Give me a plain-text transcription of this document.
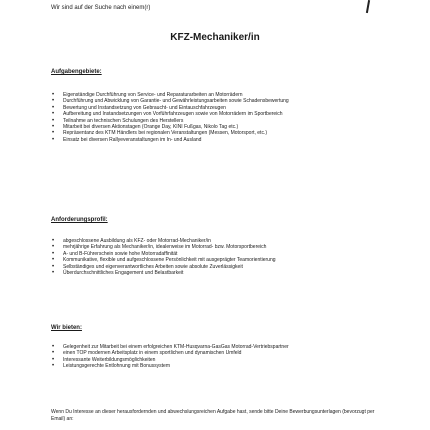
Wir sind auf der Suche nach einem(r)
KFZ-Mechaniker/in
Aufgabengebiete:
• Eigenständige Durchführung von Service- und Reparaturarbeiten an Motorrädern
• Durchführung und Abwicklung von Garantie- und Gewährleistungsarbeiten sowie Schadensbewertung
• Bewertung und Instandsetzung von Gebraucht- und Eintauschfahrzeugen
• Aufbereitung und Instandsetzungen von Vorführfahrzeugen sowie von Motorrädern im Sportbereich
• Teilnahme an technischen Schulungen des Herstellers
• Mitarbeit bei diversen Aktionstagen (Orange Day, KINI Fußgas, Nikolo Tag etc.)
• Repräsentanz des KTM Händlers bei regionalen Veranstaltungen (Messen, Motorsport, etc.)
• Einsatz bei diversen Rallyeveranstaltungen im In- und Ausland
Anforderungsprofil:
• abgeschlossene Ausbildung als KFZ- oder Motorrad-Mechaniker/in
• mehrjährige Erfahrung als Mechaniker/in, idealerweise im Motorrad- bzw. Motorsportbereich
• A- und B-Führerschein sowie hohe Motorradaffinität
• Kommunikative, flexible und aufgeschlossene Persönlichkeit mit ausgeprägter Teamorientierung
• Selbständiges und eigenverantwortliches Arbeiten sowie absolute Zuverlässigkeit
• Überdurchschnittliches Engagement und Belastbarkeit
Wir bieten:
• Gelegenheit zur Mitarbeit bei einem erfolgreichen KTM-Husqvarna-GasGas Motorrad-Vertriebspartner
• einen TOP modernen Arbeitsplatz in einem sportlichen und dynamischen Umfeld
• Interessante Weiterbildungsmöglichkeiten
• Leistungsgerechte Entlohnung mit Bonussystem
Wenn Du Interesse an dieser herausfordernden und abwechslungsreichen Aufgabe hast, sende bitte Deine Bewerbungsunterlagen (bevorzugt per Email) an:
